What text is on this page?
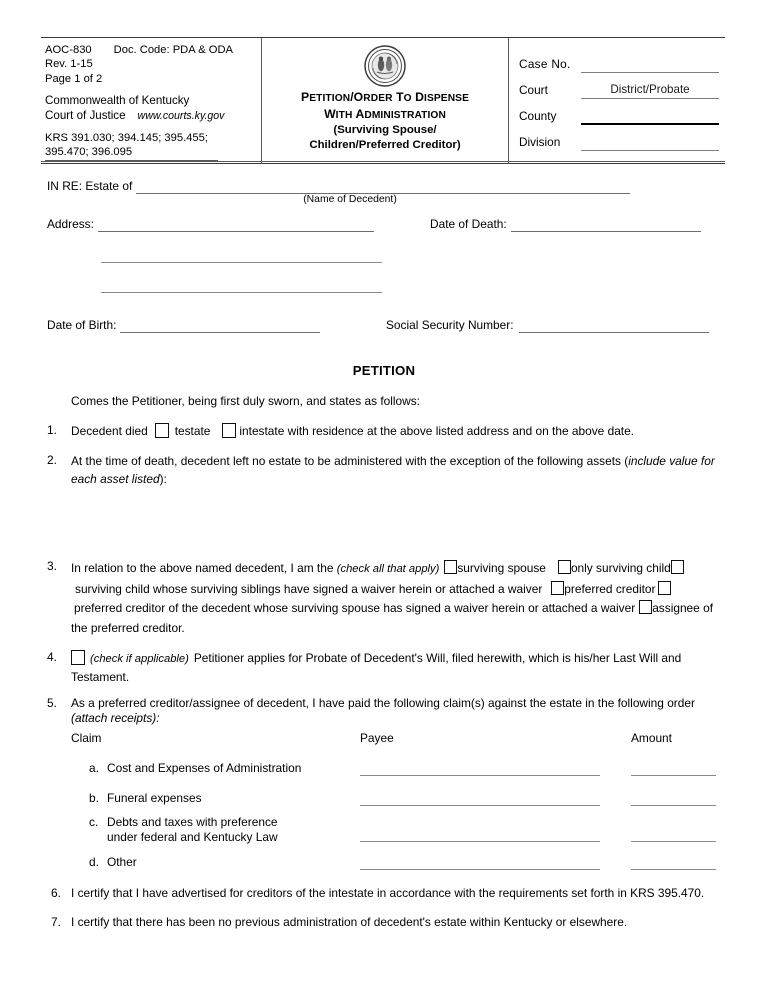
AOC-830 Doc. Code: PDA & ODA
Rev. 1-15
Page 1 of 2
Commonwealth of Kentucky
Court of Justice www.courts.ky.gov
KRS 391.030; 394.145; 395.455;
395.470; 396.095
PETITION/ORDER TO DISPENSE
WITH ADMINISTRATION
(Surviving Spouse/
Children/Preferred Creditor)
Case No.
Court	District/Probate
County
Division
IN RE: Estate of
(Name of Decedent)
Address:	Date of Death:
Date of Birth:	Social Security Number:
PETITION
Comes the Petitioner, being first duly sworn, and states as follows:
1. Decedent died testate intestate with residence at the above listed address and on the above date.
2. At the time of death, decedent left no estate to be administered with the exception of the following assets (include value for each asset listed):
3. In relation to the above named decedent, I am the (check all that apply) surviving spouse only surviving childsurviving child whose surviving siblings have signed a waiver herein or attached a waiver preferred creditorpreferred creditor of the decedent whose surviving spouse has signed a waiver herein or attached a waiver assignee of the preferred creditor.
4.	(check if applicable) Petitioner applies for Probate of Decedent's Will, filed herewith, which is his/her Last Will and Testament.
5. As a preferred creditor/assignee of decedent, I have paid the following claim(s) against the estate in the following order (attach receipts):
Claim	Payee	Amount
a. Cost and Expenses of Administration
b. Funeral expenses
c. Debts and taxes with preference
under federal and Kentucky Law
d. Other
6. I certify that I have advertised for creditors of the intestate in accordance with the requirements set forth in KRS 395.470.
7. I certify that there has been no previous administration of decedent's estate within Kentucky or elsewhere.
